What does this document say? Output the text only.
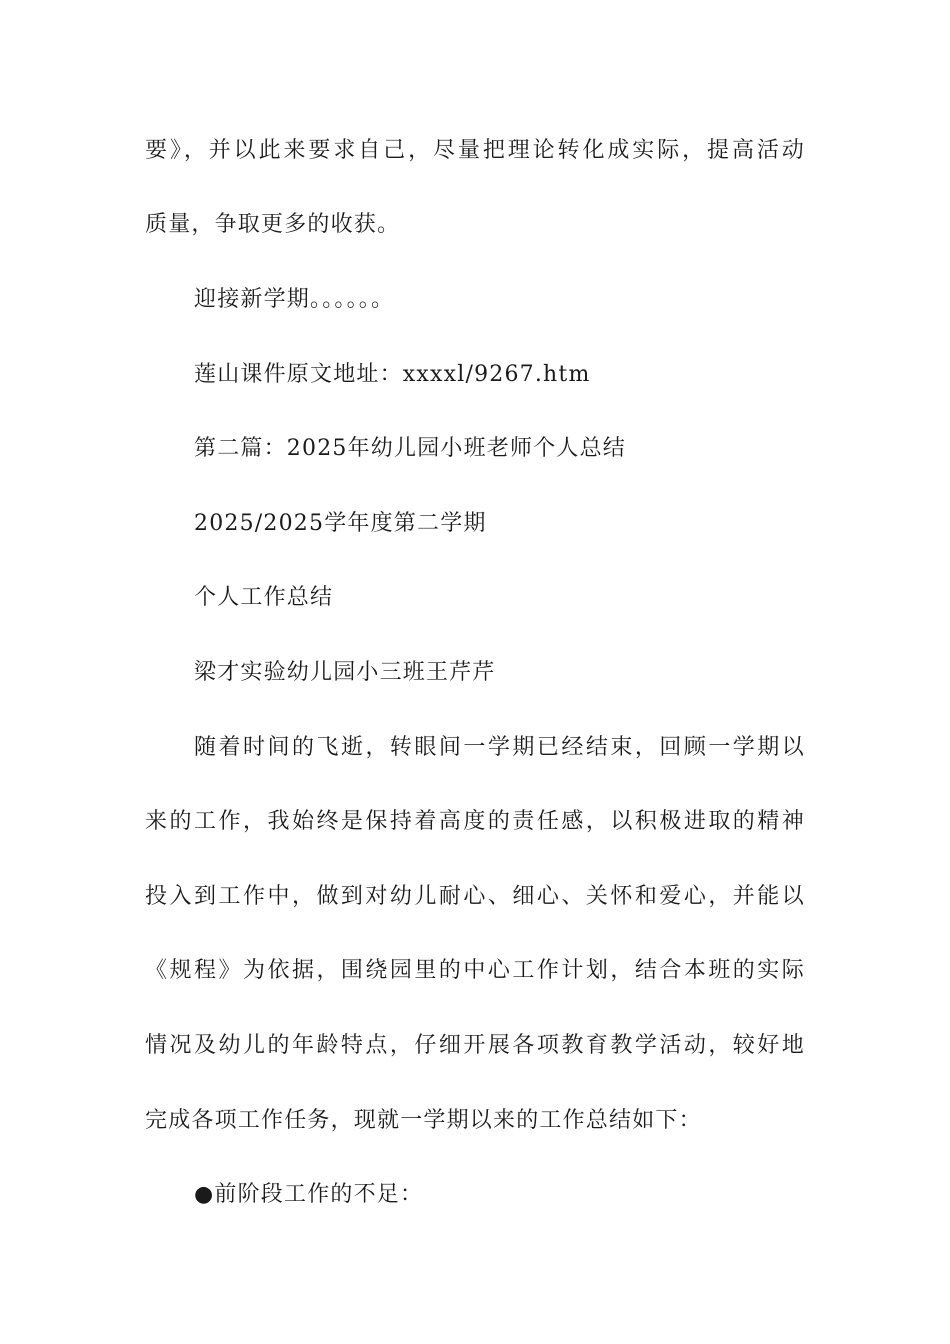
要》，并以此来要求自己，尽量把理论转化成实际，提高活动
质量，争取更多的收获。
迎接新学期。。。。。。
莲山课件原文地址：xxxxl/9267.htm
第二篇：2025年幼儿园小班老师个人总结
2025/2025学年度第二学期
个人工作总结
梁才实验幼儿园小三班王芹芹
随着时间的飞逝，转眼间一学期已经结束，回顾一学期以
来的工作，我始终是保持着高度的责任感，以积极进取的精神
投入到工作中，做到对幼儿耐心、细心、关怀和爱心，并能以
《规程》为依据，围绕园里的中心工作计划，结合本班的实际
情况及幼儿的年龄特点，仔细开展各项教育教学活动，较好地
完成各项工作任务，现就一学期以来的工作总结如下：
●前阶段工作的不足：
